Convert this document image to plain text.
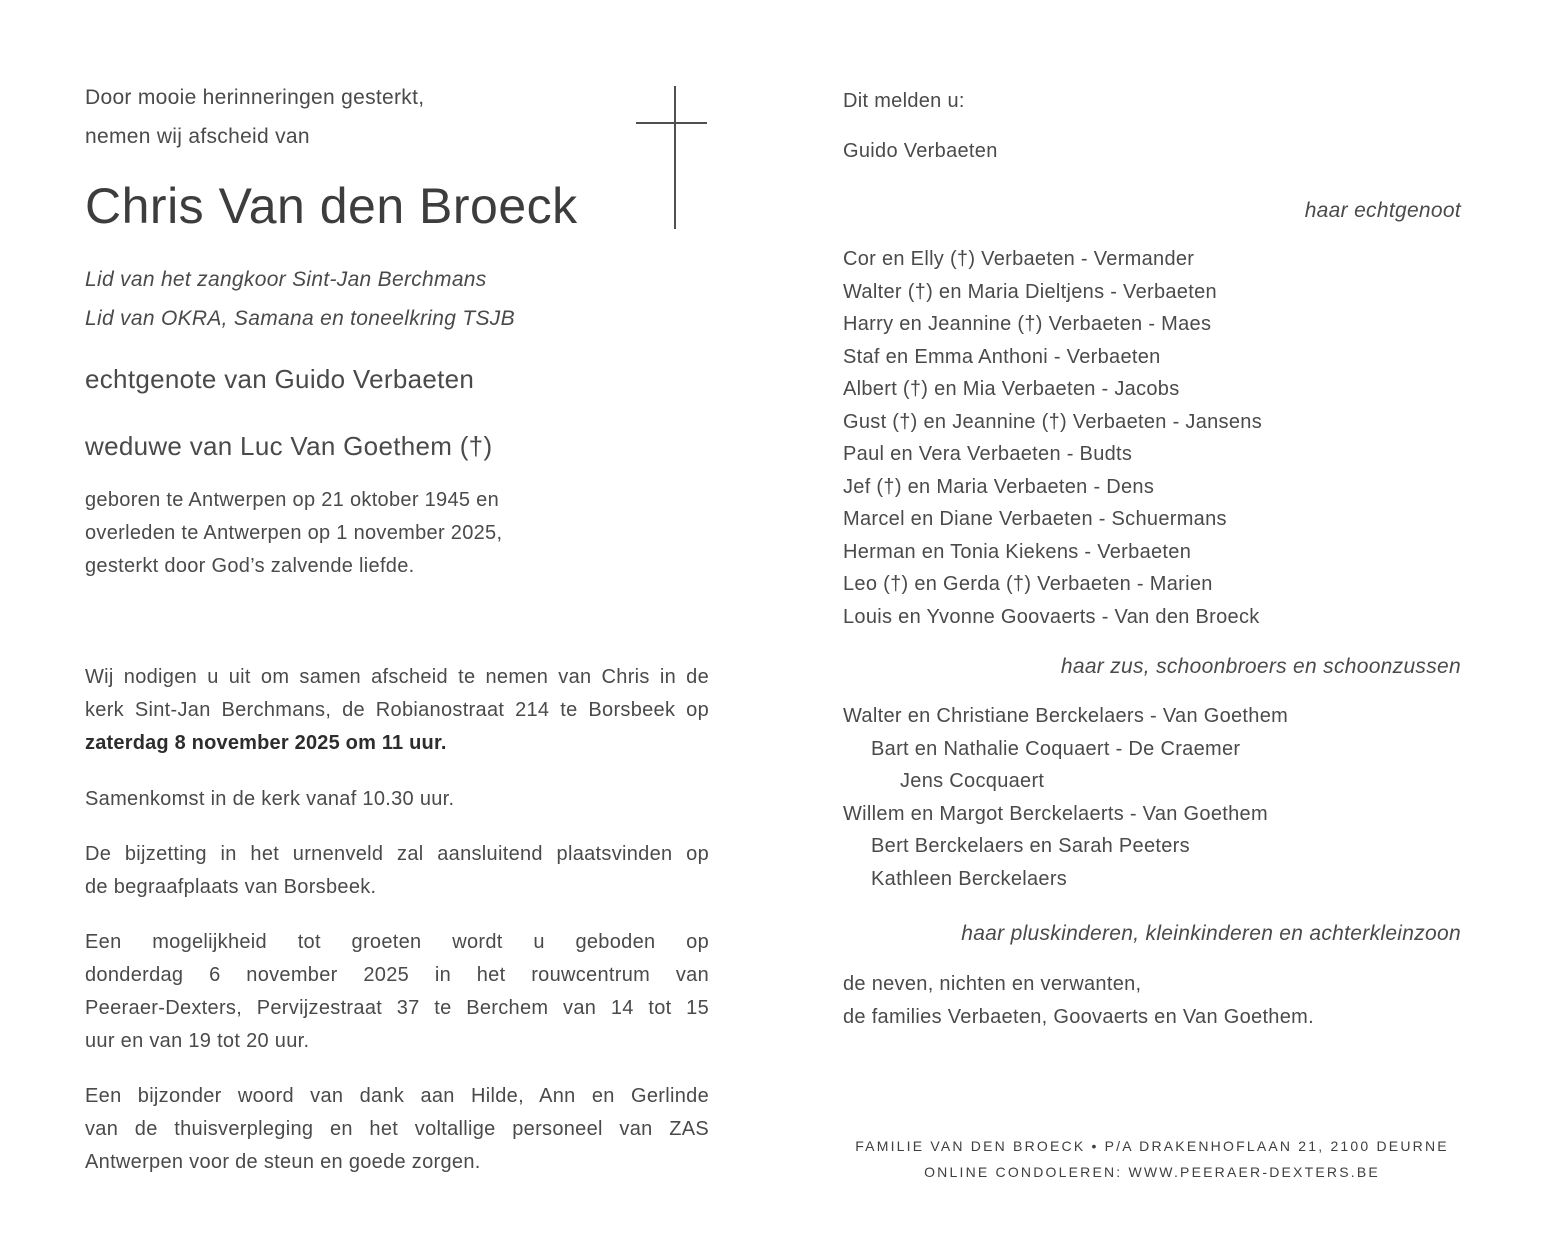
Door mooie herinneringen gesterkt,
nemen wij afscheid van
Chris Van den Broeck
Lid van het zangkoor Sint-Jan Berchmans
Lid van OKRA, Samana en toneelkring TSJB
echtgenote van Guido Verbaeten
weduwe van Luc Van Goethem (†)
geboren te Antwerpen op 21 oktober 1945 en
overleden te Antwerpen op 1 november 2025,
gesterkt door God’s zalvende liefde.
Wij nodigen u uit om samen afscheid te nemen van Chris in de
kerk Sint-Jan Berchmans, de Robianostraat 214 te Borsbeek op
zaterdag 8 november 2025 om 11 uur.
Samenkomst in de kerk vanaf 10.30 uur.
De bijzetting in het urnenveld zal aansluitend plaatsvinden op
de begraafplaats van Borsbeek.
Een mogelijkheid tot groeten wordt u geboden op
donderdag 6 november 2025 in het rouwcentrum van
Peeraer-Dexters, Pervijzestraat 37 te Berchem van 14 tot 15
uur en van 19 tot 20 uur.
Een bijzonder woord van dank aan Hilde, Ann en Gerlinde
van de thuisverpleging en het voltallige personeel van ZAS
Antwerpen voor de steun en goede zorgen.
Dit melden u:
Guido Verbaeten
haar echtgenoot
Cor en Elly (†) Verbaeten - Vermander
Walter (†) en Maria Dieltjens - Verbaeten
Harry en Jeannine (†) Verbaeten - Maes
Staf en Emma Anthoni - Verbaeten
Albert (†) en Mia Verbaeten - Jacobs
Gust (†) en Jeannine (†) Verbaeten - Jansens
Paul en Vera Verbaeten - Budts
Jef (†) en Maria Verbaeten - Dens
Marcel en Diane Verbaeten - Schuermans
Herman en Tonia Kiekens - Verbaeten
Leo (†) en Gerda (†) Verbaeten - Marien
Louis en Yvonne Goovaerts - Van den Broeck
haar zus, schoonbroers en schoonzussen
Walter en Christiane Berckelaers - Van Goethem
Bart en Nathalie Coquaert - De Craemer
Jens Cocquaert
Willem en Margot Berckelaerts - Van Goethem
Bert Berckelaers en Sarah Peeters
Kathleen Berckelaers
haar pluskinderen, kleinkinderen en achterkleinzoon
de neven, nichten en verwanten,
de families Verbaeten, Goovaerts en Van Goethem.
FAMILIE VAN DEN BROECK • P/A DRAKENHOFLAAN 21, 2100 DEURNE
ONLINE CONDOLEREN: WWW.PEERAER-DEXTERS.BE
